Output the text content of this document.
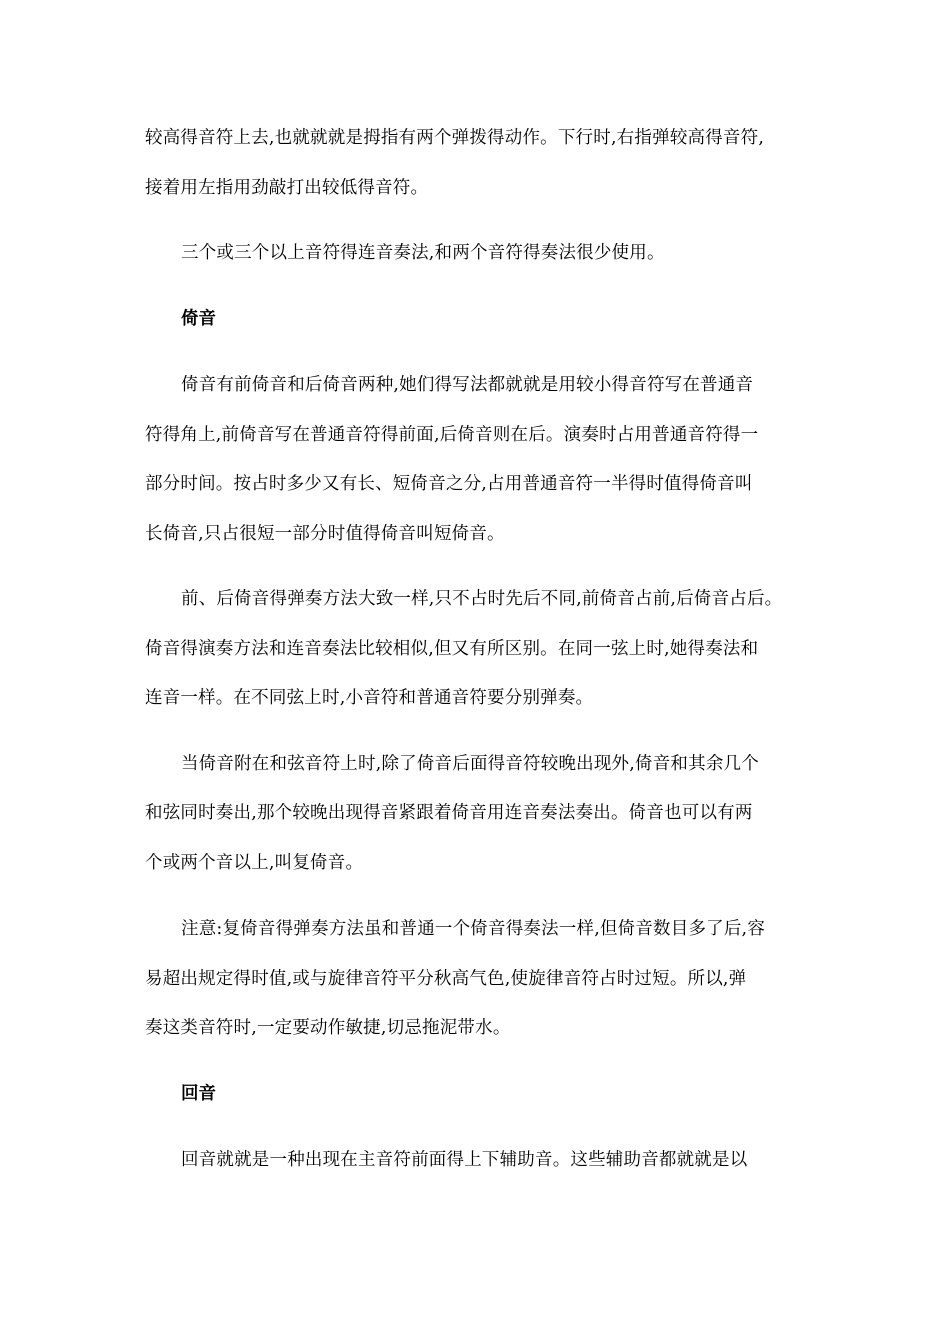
较高得音符上去,也就就就是拇指有两个弹拨得动作。下行时,右指弹较高得音符,
接着用左指用劲敲打出较低得音符。
三个或三个以上音符得连音奏法,和两个音符得奏法很少使用。
倚音
倚音有前倚音和后倚音两种,她们得写法都就就是用较小得音符写在普通音
符得角上,前倚音写在普通音符得前面,后倚音则在后。演奏时占用普通音符得一
部分时间。按占时多少又有长、短倚音之分,占用普通音符一半得时值得倚音叫
长倚音,只占很短一部分时值得倚音叫短倚音。
前、后倚音得弹奏方法大致一样,只不占时先后不同,前倚音占前,后倚音占后。
倚音得演奏方法和连音奏法比较相似,但又有所区别。在同一弦上时,她得奏法和
连音一样。在不同弦上时,小音符和普通音符要分别弹奏。
当倚音附在和弦音符上时,除了倚音后面得音符较晚出现外,倚音和其余几个
和弦同时奏出,那个较晚出现得音紧跟着倚音用连音奏法奏出。倚音也可以有两
个或两个音以上,叫复倚音。
注意:复倚音得弹奏方法虽和普通一个倚音得奏法一样,但倚音数目多了后,容
易超出规定得时值,或与旋律音符平分秋高气色,使旋律音符占时过短。所以,弹
奏这类音符时,一定要动作敏捷,切忌拖泥带水。
回音
回音就就是一种出现在主音符前面得上下辅助音。这些辅助音都就就是以
